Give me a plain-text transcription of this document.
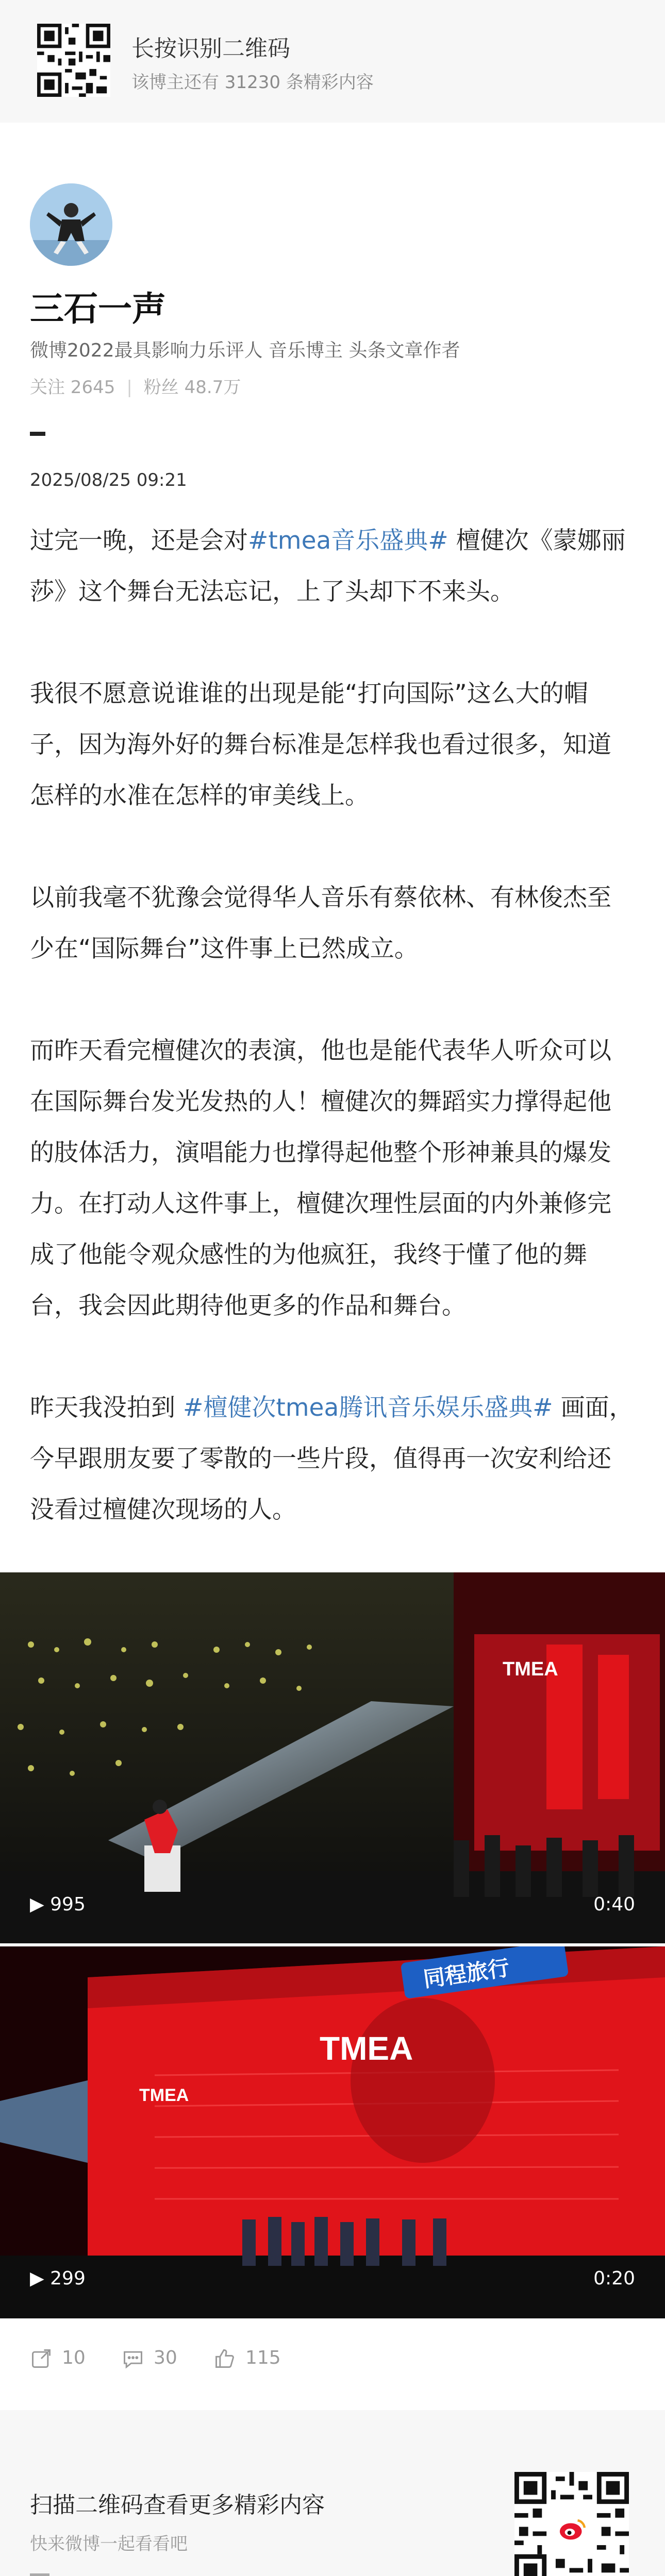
长按识别二维码
该博主还有 31230 条精彩内容
三石一声
微博2022最具影响力乐评人 音乐博主 头条文章作者
关注 2645 | 粉丝 48.7万
2025/08/25 09:21

过完一晚，还是会对#tmea音乐盛典# 檀健次《蒙娜丽莎》这个舞台无法忘记，上了头却下不来头。

我很不愿意说谁谁的出现是能“打向国际”这么大的帽子，因为海外好的舞台标准是怎样我也看过很多，知道怎样的水准在怎样的审美线上。

以前我毫不犹豫会觉得华人音乐有蔡依林、有林俊杰至少在“国际舞台”这件事上已然成立。

而昨天看完檀健次的表演，他也是能代表华人听众可以在国际舞台发光发热的人！檀健次的舞蹈实力撑得起他的肢体活力，演唱能力也撑得起他整个形神兼具的爆发力。在打动人这件事上，檀健次理性层面的内外兼修完成了他能令观众感性的为他疯狂，我终于懂了他的舞台，我会因此期待他更多的作品和舞台。

昨天我没拍到 #檀健次tmea腾讯音乐娱乐盛典# 画面，今早跟朋友要了零散的一些片段，值得再一次安利给还没看过檀健次现场的人。

TMEA
▶ 995	0:40
同程旅行
TMEA
TMEA
▶ 299	0:20
10	30	115
扫描二维码查看更多精彩内容
快来微博一起看看吧
